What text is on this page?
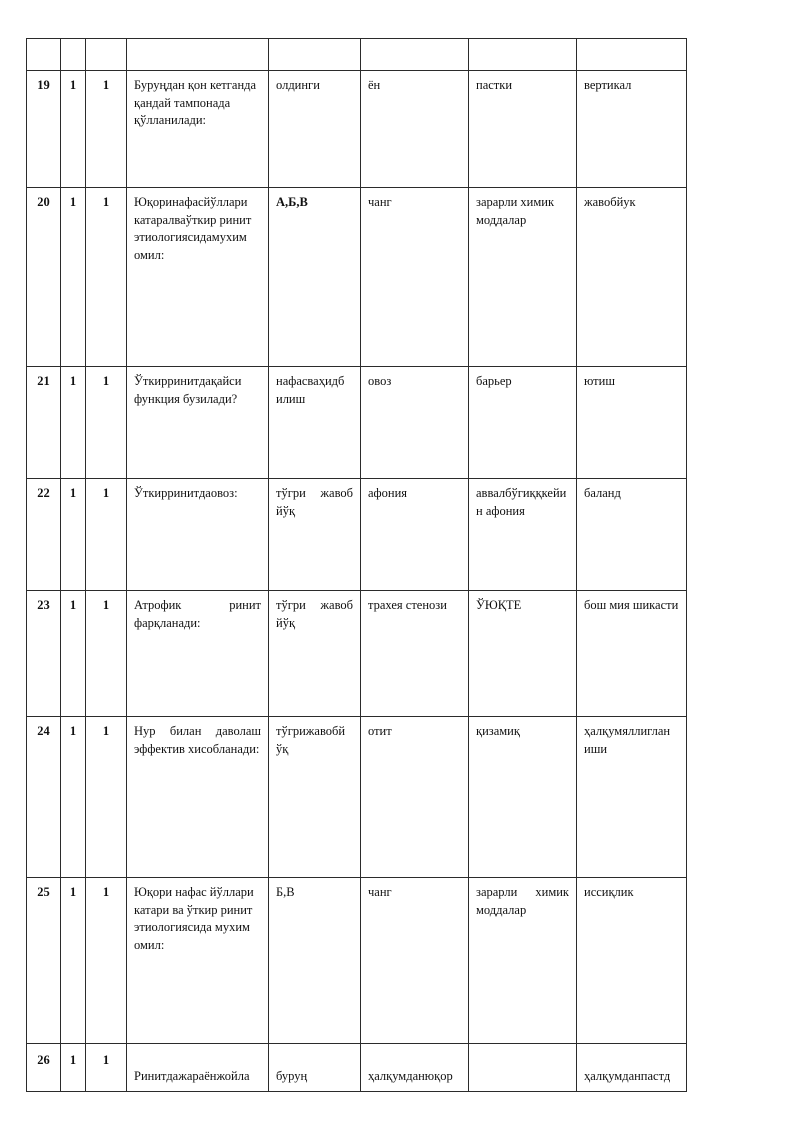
19	1	1	Буруңдан қон кетганда қандай тампонада қўлланилади:	олдинги	ён	пастки	вертикал
20	1	1	Юқоринафасйўллари катаралваўткир ринит этиологиясидамухим омил:	А,Б,В	чанг	зарарли химик моддалар	жавобйук
21	1	1	Ўткирринитдақайси функция бузилади?	нафасваҳидб илиш	овоз	барьер	ютиш
22	1	1	Ўткирринитдаовоз:	тўгри жавоб йўқ	афония	аввалбўгиққкейи н афония	баланд
23	1	1	Атрофик ринит фарқланади:	тўгри жавоб йўқ	трахея стенози	ЎЮҚТЕ	бош мия шикасти
24	1	1	Нур билан даволаш эффектив хисобланади:	тўгрижавобй ўқ	отит	қизамиқ	ҳалқумяллиглан иши
25	1	1	Юқори нафас йўллари катари ва ўткир ринит этиологиясида мухим омил:	Б,В	чанг	зарарли химик моддалар	иссиқлик
26	1	1	Ринитдажараёнжойла	буруң	ҳалқумданюқор		ҳалқумданпастд
